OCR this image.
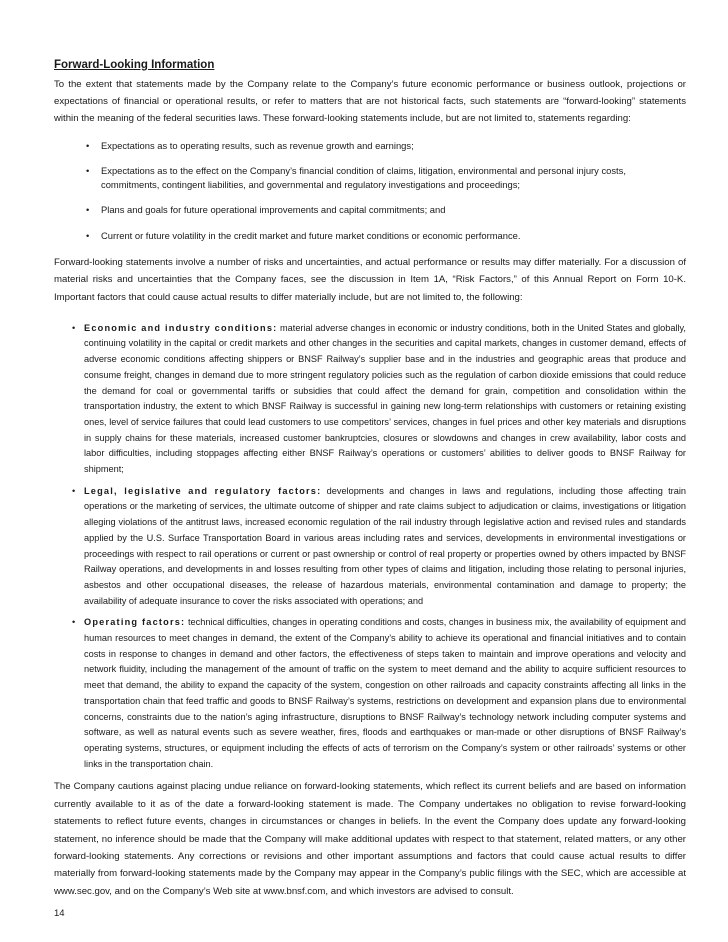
Forward-Looking Information

To the extent that statements made by the Company relate to the Company’s future economic performance or business outlook, projections or expectations of financial or operational results, or refer to matters that are not historical facts, such statements are “forward-looking” statements within the meaning of the federal securities laws. These forward-looking statements include, but are not limited to, statements regarding:

• Expectations as to operating results, such as revenue growth and earnings;
• Expectations as to the effect on the Company’s financial condition of claims, litigation, environmental and personal injury costs, commitments, contingent liabilities, and governmental and regulatory investigations and proceedings;
• Plans and goals for future operational improvements and capital commitments; and
• Current or future volatility in the credit market and future market conditions or economic performance.

Forward-looking statements involve a number of risks and uncertainties, and actual performance or results may differ materially. For a discussion of material risks and uncertainties that the Company faces, see the discussion in Item 1A, “Risk Factors,” of this Annual Report on Form 10-K. Important factors that could cause actual results to differ materially include, but are not limited to, the following:

• Economic and industry conditions: material adverse changes in economic or industry conditions, both in the United States and globally, continuing volatility in the capital or credit markets and other changes in the securities and capital markets, changes in customer demand, effects of adverse economic conditions affecting shippers or BNSF Railway’s supplier base and in the industries and geographic areas that produce and consume freight, changes in demand due to more stringent regulatory policies such as the regulation of carbon dioxide emissions that could reduce the demand for coal or governmental tariffs or subsidies that could affect the demand for grain, competition and consolidation within the transportation industry, the extent to which BNSF Railway is successful in gaining new long-term relationships with customers or retaining existing ones, level of service failures that could lead customers to use competitors’ services, changes in fuel prices and other key materials and disruptions in supply chains for these materials, increased customer bankruptcies, closures or slowdowns and changes in crew availability, labor costs and labor difficulties, including stoppages affecting either BNSF Railway’s operations or customers’ abilities to deliver goods to BNSF Railway for shipment;
• Legal, legislative and regulatory factors: developments and changes in laws and regulations, including those affecting train operations or the marketing of services, the ultimate outcome of shipper and rate claims subject to adjudication or claims, investigations or litigation alleging violations of the antitrust laws, increased economic regulation of the rail industry through legislative action and revised rules and standards applied by the U.S. Surface Transportation Board in various areas including rates and services, developments in environmental investigations or proceedings with respect to rail operations or current or past ownership or control of real property or properties owned by others impacted by BNSF Railway operations, and developments in and losses resulting from other types of claims and litigation, including those relating to personal injuries, asbestos and other occupational diseases, the release of hazardous materials, environmental contamination and damage to property; the availability of adequate insurance to cover the risks associated with operations; and
• Operating factors: technical difficulties, changes in operating conditions and costs, changes in business mix, the availability of equipment and human resources to meet changes in demand, the extent of the Company’s ability to achieve its operational and financial initiatives and to contain costs in response to changes in demand and other factors, the effectiveness of steps taken to maintain and improve operations and velocity and network fluidity, including the management of the amount of traffic on the system to meet demand and the ability to acquire sufficient resources to meet that demand, the ability to expand the capacity of the system, congestion on other railroads and capacity constraints affecting all links in the transportation chain that feed traffic and goods to BNSF Railway’s systems, restrictions on development and expansion plans due to environmental concerns, constraints due to the nation’s aging infrastructure, disruptions to BNSF Railway’s technology network including computer systems and software, as well as natural events such as severe weather, fires, floods and earthquakes or man-made or other disruptions of BNSF Railway’s operating systems, structures, or equipment including the effects of acts of terrorism on the Company’s system or other railroads’ systems or other links in the transportation chain.

The Company cautions against placing undue reliance on forward-looking statements, which reflect its current beliefs and are based on information currently available to it as of the date a forward-looking statement is made. The Company undertakes no obligation to revise forward-looking statements to reflect future events, changes in circumstances or changes in beliefs. In the event the Company does update any forward-looking statement, no inference should be made that the Company will make additional updates with respect to that statement, related matters, or any other forward-looking statements. Any corrections or revisions and other important assumptions and factors that could cause actual results to differ materially from forward-looking statements made by the Company may appear in the Company’s public filings with the SEC, which are accessible at www.sec.gov, and on the Company’s Web site at www.bnsf.com, and which investors are advised to consult.

14
